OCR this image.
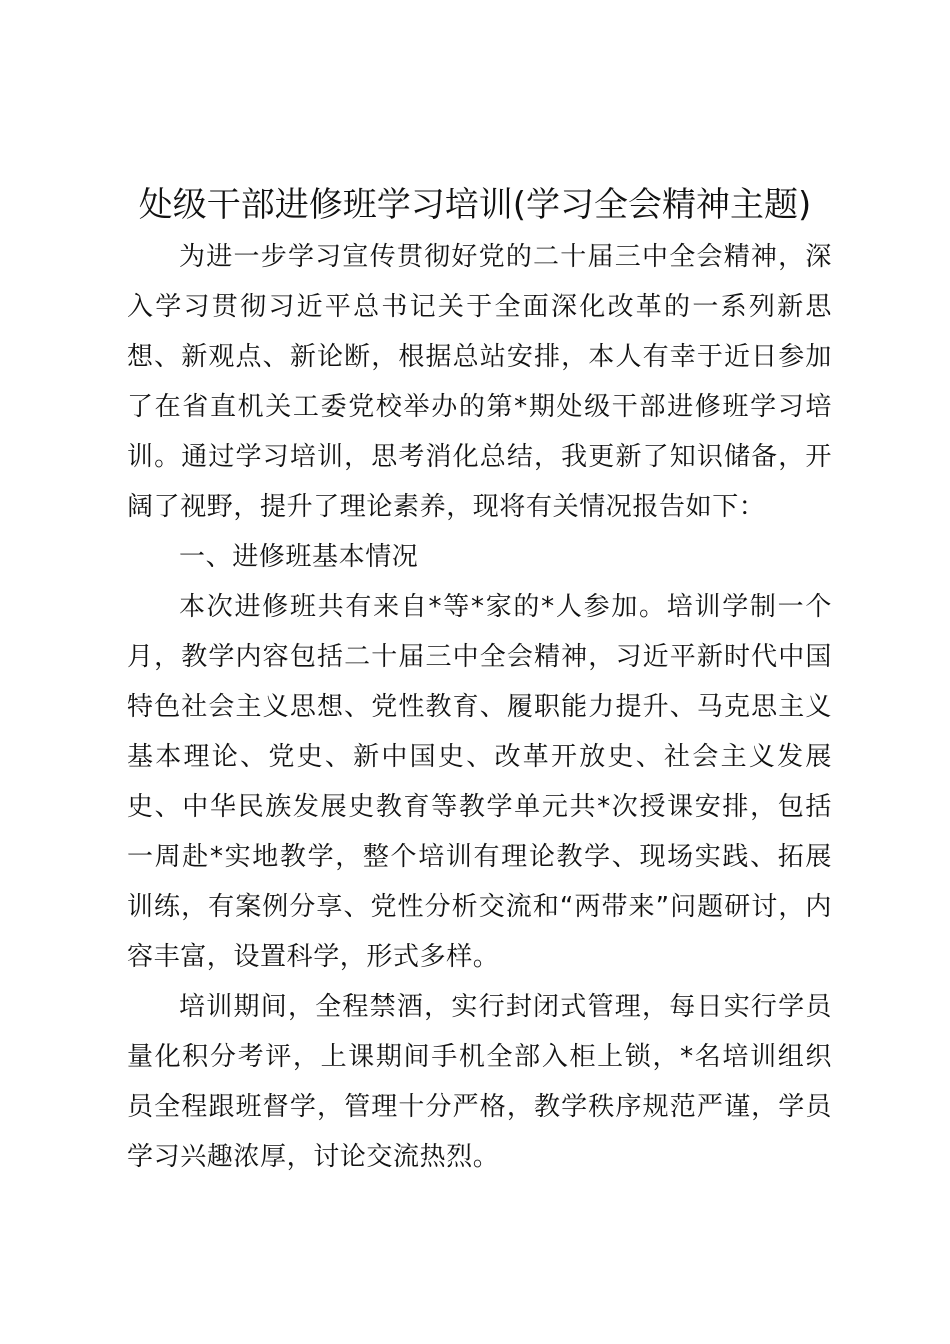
处级干部进修班学习培训(学习全会精神主题)

为进一步学习宣传贯彻好党的二十届三中全会精神，深入学习贯彻习近平总书记关于全面深化改革的一系列新思想、新观点、新论断，根据总站安排，本人有幸于近日参加了在省直机关工委党校举办的第*期处级干部进修班学习培训。通过学习培训，思考消化总结，我更新了知识储备，开阔了视野，提升了理论素养，现将有关情况报告如下：

一、进修班基本情况

本次进修班共有来自*等*家的*人参加。培训学制一个月，教学内容包括二十届三中全会精神，习近平新时代中国特色社会主义思想、党性教育、履职能力提升、马克思主义基本理论、党史、新中国史、改革开放史、社会主义发展史、中华民族发展史教育等教学单元共*次授课安排，包括一周赴*实地教学，整个培训有理论教学、现场实践、拓展训练，有案例分享、党性分析交流和“两带来”问题研讨，内容丰富，设置科学，形式多样。

培训期间，全程禁酒，实行封闭式管理，每日实行学员量化积分考评，上课期间手机全部入柜上锁，*名培训组织员全程跟班督学，管理十分严格，教学秩序规范严谨，学员学习兴趣浓厚，讨论交流热烈。
